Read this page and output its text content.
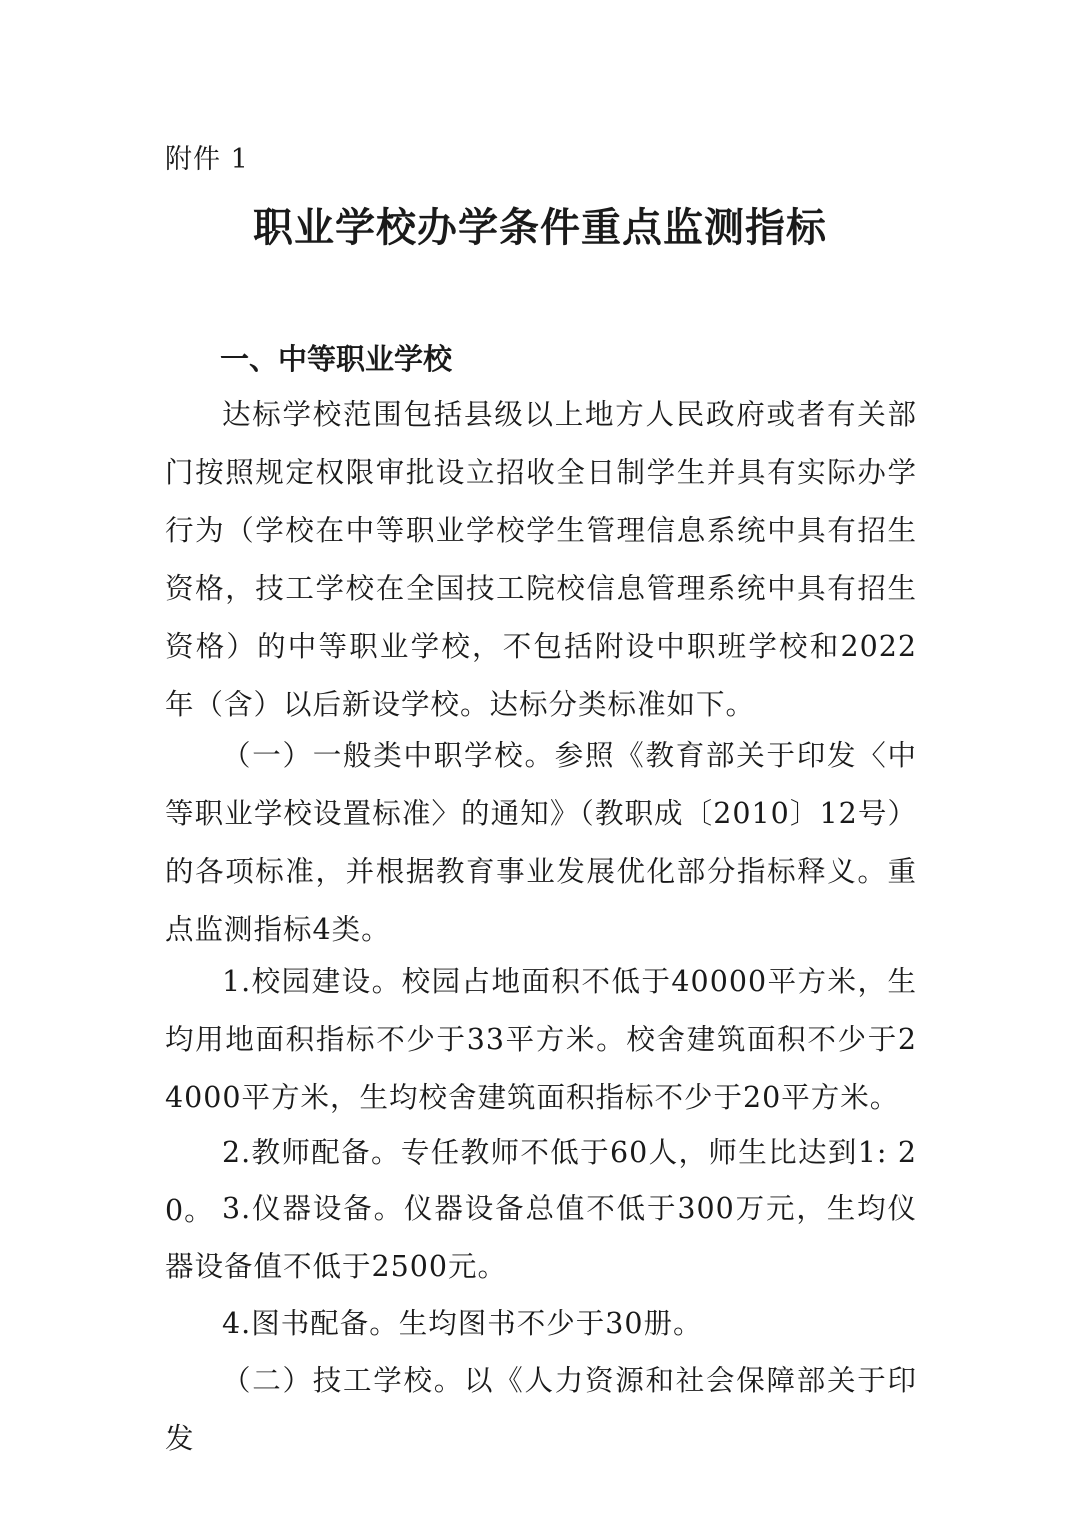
附件 1
职业学校办学条件重点监测指标
一、中等职业学校

达标学校范围包括县级以上地方人民政府或者有关部门按照规定权限审批设立招收全日制学生并具有实际办学行为（学校在中等职业学校学生管理信息系统中具有招生资格，技工学校在全国技工院校信息管理系统中具有招生资格）的中等职业学校，不包括附设中职班学校和2022年（含）以后新设学校。达标分类标准如下。

（一）一般类中职学校。参照《教育部关于印发〈中等职业学校设置标准〉的通知》（教职成〔2010〕12号）的各项标准，并根据教育事业发展优化部分指标释义。重点监测指标4类。

1.校园建设。校园占地面积不低于40000平方米，生均用地面积指标不少于33平方米。校舍建筑面积不少于24000平方米，生均校舍建筑面积指标不少于20平方米。

2.教师配备。专任教师不低于60人，师生比达到1: 20。 3.仪器设备。仪器设备总值不低于300万元，生均仪器设备值不低于2500元。

4.图书配备。生均图书不少于30册。

（二）技工学校。以《人力资源和社会保障部关于印发
